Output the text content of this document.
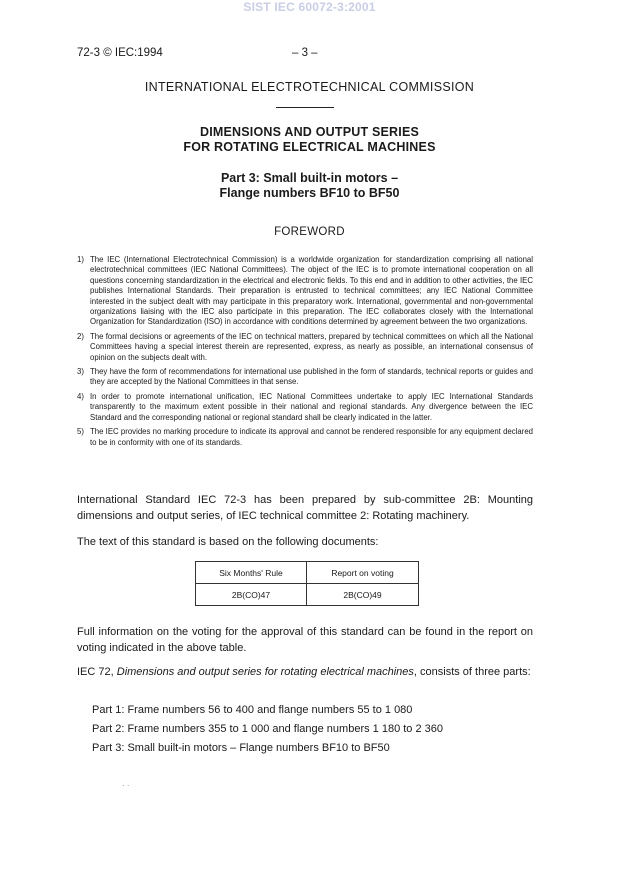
SIST IEC 60072-3:2001
72-3 © IEC:1994	– 3 –
INTERNATIONAL ELECTROTECHNICAL COMMISSION
DIMENSIONS AND OUTPUT SERIES
FOR ROTATING ELECTRICAL MACHINES
Part 3: Small built-in motors –
Flange numbers BF10 to BF50
FOREWORD
1) The IEC (International Electrotechnical Commission) is a worldwide organization for standardization comprising all national electrotechnical committees (IEC National Committees). The object of the IEC is to promote international cooperation on all questions concerning standardization in the electrical and electronic fields. To this end and in addition to other activities, the IEC publishes International Standards. Their preparation is entrusted to technical committees; any IEC National Committee interested in the subject dealt with may participate in this preparatory work. International, governmental and non-governmental organizations liaising with the IEC also participate in this preparation. The IEC collaborates closely with the International Organization for Standardization (ISO) in accordance with conditions determined by agreement between the two organizations.
2) The formal decisions or agreements of the IEC on technical matters, prepared by technical committees on which all the National Committees having a special interest therein are represented, express, as nearly as possible, an international consensus of opinion on the subjects dealt with.
3) They have the form of recommendations for international use published in the form of standards, technical reports or guides and they are accepted by the National Committees in that sense.
4) In order to promote international unification, IEC National Committees undertake to apply IEC International Standards transparently to the maximum extent possible in their national and regional standards. Any divergence between the IEC Standard and the corresponding national or regional standard shall be clearly indicated in the latter.
5) The IEC provides no marking procedure to indicate its approval and cannot be rendered responsible for any equipment declared to be in conformity with one of its standards.
International Standard IEC 72-3 has been prepared by sub-committee 2B: Mounting dimensions and output series, of IEC technical committee 2: Rotating machinery.
The text of this standard is based on the following documents:
Six Months' Rule	Report on voting
2B(CO)47	2B(CO)49
Full information on the voting for the approval of this standard can be found in the report on voting indicated in the above table.
IEC 72, Dimensions and output series for rotating electrical machines, consists of three parts:
Part 1: Frame numbers 56 to 400 and flange numbers 55 to 1 080
Part 2: Frame numbers 355 to 1 000 and flange numbers 1 180 to 2 360
Part 3: Small built-in motors – Flange numbers BF10 to BF50
· ·
